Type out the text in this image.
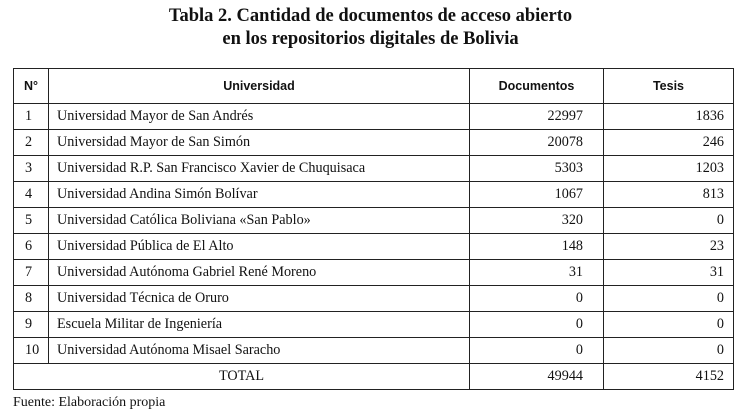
Tabla 2. Cantidad de documentos de acceso abierto
en los repositorios digitales de Bolivia
N°	Universidad	Documentos	Tesis
1	Universidad Mayor de San Andrés	22997	1836
2	Universidad Mayor de San Simón	20078	246
3	Universidad R.P. San Francisco Xavier de Chuquisaca	5303	1203
4	Universidad Andina Simón Bolívar	1067	813
5	Universidad Católica Boliviana «San Pablo»	320	0
6	Universidad Pública de El Alto	148	23
7	Universidad Autónoma Gabriel René Moreno	31	31
8	Universidad Técnica de Oruro	0	0
9	Escuela Militar de Ingeniería	0	0
10	Universidad Autónoma Misael Saracho	0	0
TOTAL		49944	4152
Fuente: Elaboración propia
